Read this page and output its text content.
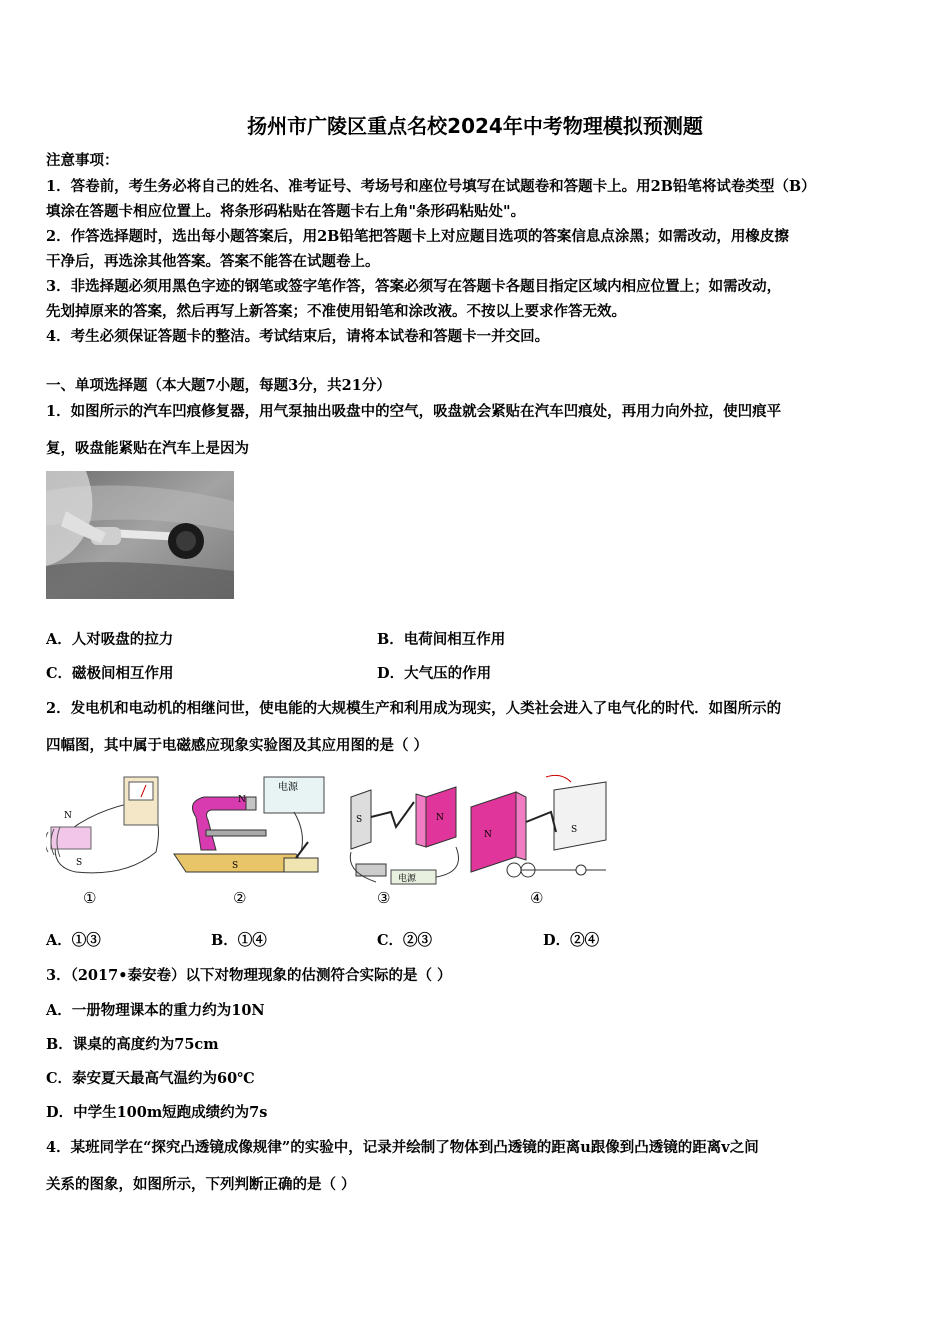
扬州市广陵区重点名校2024年中考物理模拟预测题
注意事项：
1．答卷前，考生务必将自己的姓名、准考证号、考场号和座位号填写在试题卷和答题卡上。用2B铅笔将试卷类型（B）
填涂在答题卡相应位置上。将条形码粘贴在答题卡右上角"条形码粘贴处"。
2．作答选择题时，选出每小题答案后，用2B铅笔把答题卡上对应题目选项的答案信息点涂黑；如需改动，用橡皮擦
干净后，再选涂其他答案。答案不能答在试题卷上。
3．非选择题必须用黑色字迹的钢笔或签字笔作答，答案必须写在答题卡各题目指定区域内相应位置上；如需改动，
先划掉原来的答案，然后再写上新答案；不准使用铅笔和涂改液。不按以上要求作答无效。
4．考生必须保证答题卡的整洁。考试结束后，请将本试卷和答题卡一并交回。
一、单项选择题（本大题7小题，每题3分，共21分）
1．如图所示的汽车凹痕修复器，用气泵抽出吸盘中的空气，吸盘就会紧贴在汽车凹痕处，再用力向外拉，使凹痕平
复，吸盘能紧贴在汽车上是因为
A．人对吸盘的拉力	B．电荷间相互作用
C．磁极间相互作用	D．大气压的作用
2．发电机和电动机的相继问世，使电能的大规模生产和利用成为现实，人类社会进入了电气化的时代．如图所示的
四幅图，其中属于电磁感应现象实验图及其应用图的是（ ）
N
S
电源
N
S
S	N
电源
N	S
①	②	③	④
A．①③	B．①④	C．②③	D．②④
3．（2017•泰安卷）以下对物理现象的估测符合实际的是（ ）
A．一册物理课本的重力约为10N
B．课桌的高度约为75cm
C．泰安夏天最高气温约为60℃
D．中学生100m短跑成绩约为7s
4．某班同学在“探究凸透镜成像规律”的实验中，记录并绘制了物体到凸透镜的距离u跟像到凸透镜的距离v之间
关系的图象，如图所示，下列判断正确的是（ ）
